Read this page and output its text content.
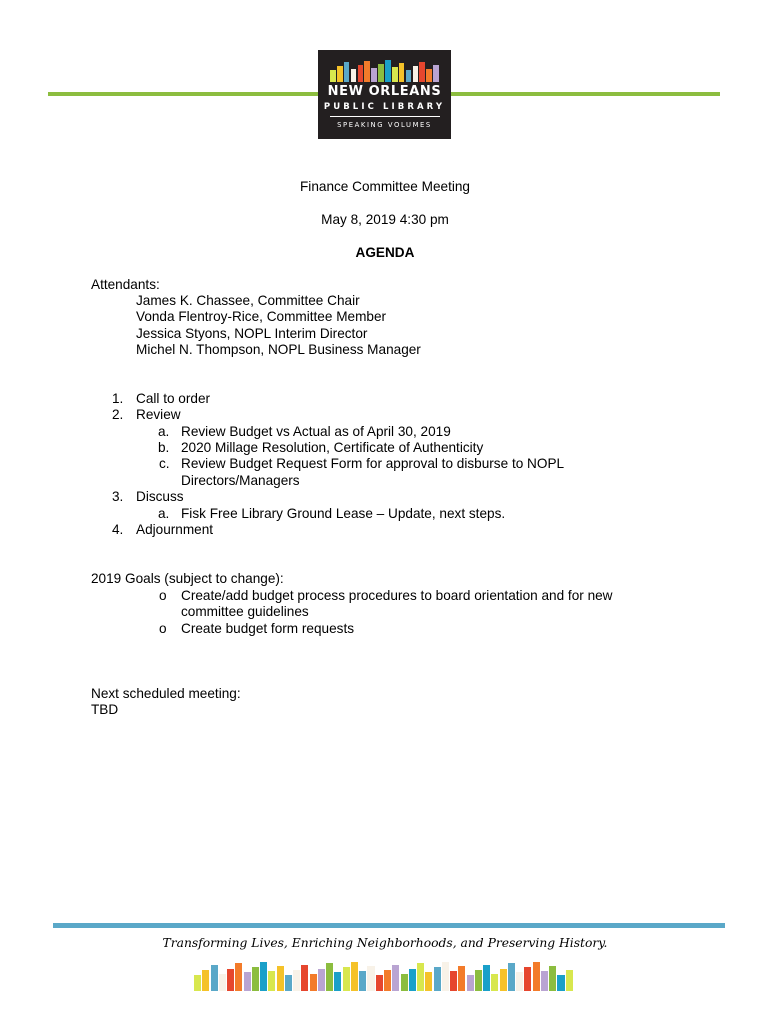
NEW ORLEANS
PUBLIC LIBRARY
SPEAKING VOLUMES
Finance Committee Meeting
May 8, 2019 4:30 pm
AGENDA
Attendants:
James K. Chassee, Committee Chair
Vonda Flentroy-Rice, Committee Member
Jessica Styons, NOPL Interim Director
Michel N. Thompson, NOPL Business Manager
1. Call to order
2. Review
a. Review Budget vs Actual as of April 30, 2019
b. 2020 Millage Resolution, Certificate of Authenticity
c. Review Budget Request Form for approval to disburse to NOPL
Directors/Managers
3. Discuss
a. Fisk Free Library Ground Lease – Update, next steps.
4. Adjournment
2019 Goals (subject to change):
o Create/add budget process procedures to board orientation and for new
committee guidelines
o Create budget form requests
Next scheduled meeting:
TBD
Transforming Lives, Enriching Neighborhoods, and Preserving History.
